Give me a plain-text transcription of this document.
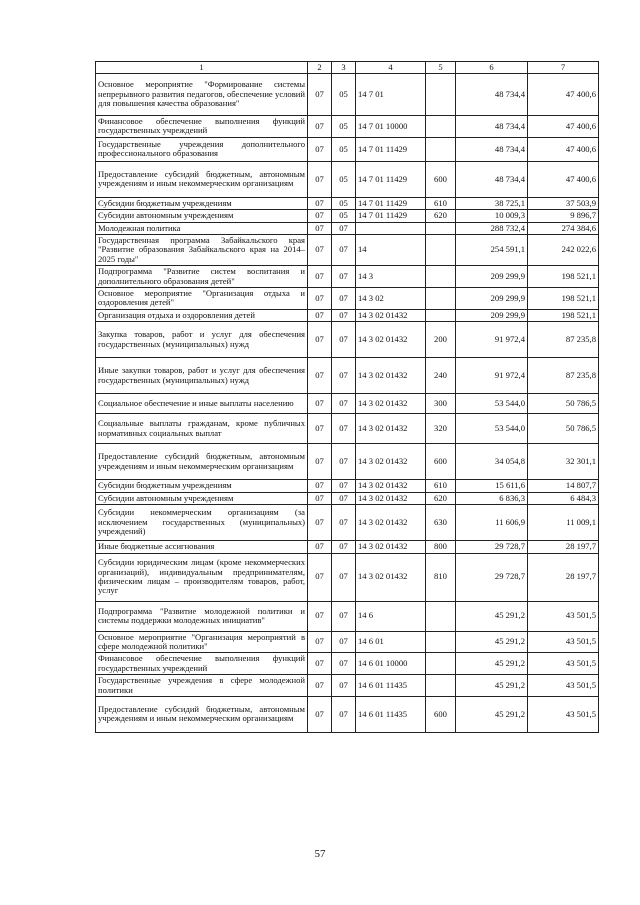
1	2	3	4	5	6	7
Основное мероприятие "Формирование системы непрерывного развития педагогов, обеспечение условий для повышения качества образования"	07	05	14 7 01		48 734,4	47 400,6
Финансовое обеспечение выполнения функций государственных учреждений	07	05	14 7 01 10000		48 734,4	47 400,6
Государственные учреждения дополнительного профессионального образования	07	05	14 7 01 11429		48 734,4	47 400,6
Предоставление субсидий бюджетным, автономным учреждениям и иным некоммерческим организациям	07	05	14 7 01 11429	600	48 734,4	47 400,6
Субсидии бюджетным учреждениям	07	05	14 7 01 11429	610	38 725,1	37 503,9
Субсидии автономным учреждениям	07	05	14 7 01 11429	620	10 009,3	9 896,7
Молодежная политика	07	07			288 732,4	274 384,6
Государственная программа Забайкальского края "Развитие образования Забайкальского края на 2014–2025 годы"	07	07	14		254 591,1	242 022,6
Подпрограмма "Развитие систем воспитания и дополнительного образования детей"	07	07	14 3		209 299,9	198 521,1
Основное мероприятие "Организация отдыха и оздоровления детей"	07	07	14 3 02		209 299,9	198 521,1
Организация отдыха и оздоровления детей	07	07	14 3 02 01432		209 299,9	198 521,1
Закупка товаров, работ и услуг для обеспечения государственных (муниципальных) нужд	07	07	14 3 02 01432	200	91 972,4	87 235,8
Иные закупки товаров, работ и услуг для обеспечения государственных (муниципальных) нужд	07	07	14 3 02 01432	240	91 972,4	87 235,8
Социальное обеспечение и иные выплаты населению	07	07	14 3 02 01432	300	53 544,0	50 786,5
Социальные выплаты гражданам, кроме публичных нормативных социальных выплат	07	07	14 3 02 01432	320	53 544,0	50 786,5
Предоставление субсидий бюджетным, автономным учреждениям и иным некоммерческим организациям	07	07	14 3 02 01432	600	34 054,8	32 301,1
Субсидии бюджетным учреждениям	07	07	14 3 02 01432	610	15 611,6	14 807,7
Субсидии автономным учреждениям	07	07	14 3 02 01432	620	6 836,3	6 484,3
Субсидии некоммерческим организациям (за исключением государственных (муниципальных) учреждений)	07	07	14 3 02 01432	630	11 606,9	11 009,1
Иные бюджетные ассигнования	07	07	14 3 02 01432	800	29 728,7	28 197,7
Субсидии юридическим лицам (кроме некоммерческих организаций), индивидуальным предпринимателям, физическим лицам – производителям товаров, работ, услуг	07	07	14 3 02 01432	810	29 728,7	28 197,7
Подпрограмма "Развитие молодежной политики и системы поддержки молодежных инициатив"	07	07	14 6		45 291,2	43 501,5
Основное мероприятие "Организация мероприятий в сфере молодежной политики"	07	07	14 6 01		45 291,2	43 501,5
Финансовое обеспечение выполнения функций государственных учреждений	07	07	14 6 01 10000		45 291,2	43 501,5
Государственные учреждения в сфере молодежной политики	07	07	14 6 01 11435		45 291,2	43 501,5
Предоставление субсидий бюджетным, автономным учреждениям и иным некоммерческим организациям	07	07	14 6 01 11435	600	45 291,2	43 501,5
57
